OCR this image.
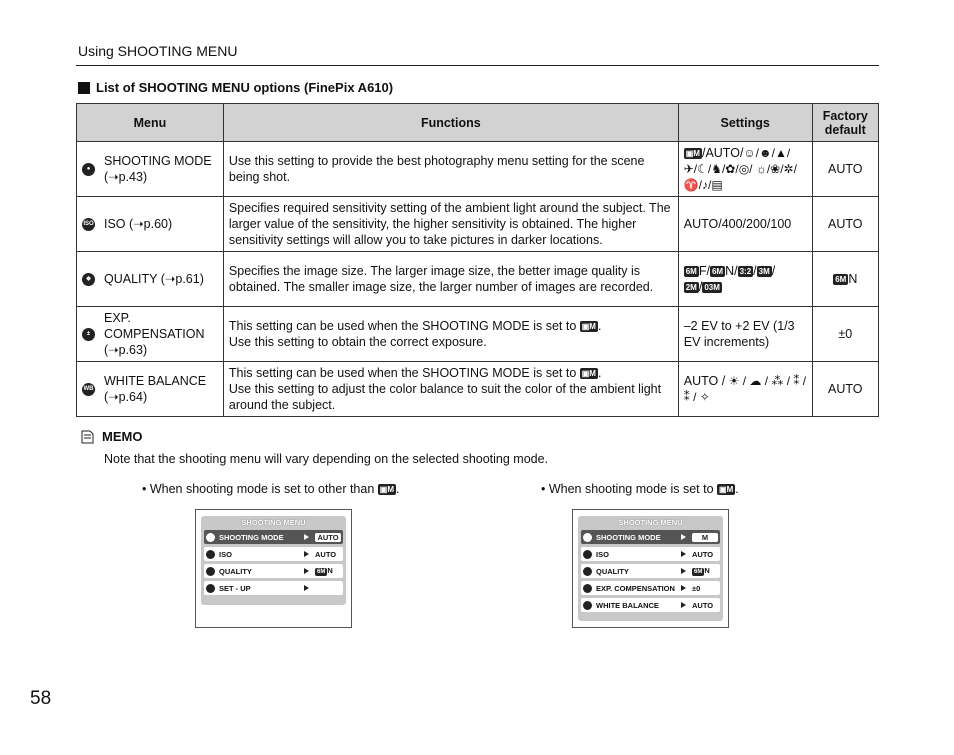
Using SHOOTING MENU
List of SHOOTING MENU options (FinePix A610)
Menu	Functions	Settings	Factory default

●
SHOOTING MODE (➝p.43)	Use this setting to provide the best photography menu setting for the scene being shot.	▣M /AUTO/☺/☻/▲/ ✈/☾/♞/✿/◎/ ☼/❀/✲/♈/♪/▤	AUTO

ISO ISO (➝p.60)	Specifies required sensitivity setting of the ambient light around the subject. The larger value of the sensitivity, the higher sensitivity is obtained. The higher sensitivity settings will allow you to take pictures in darker locations.	AUTO/400/200/100	AUTO

◆ QUALITY (➝p.61)	Specifies the image size. The larger image size, the better image quality is obtained. The smaller image size, the larger number of images are recorded.	6M F/ 6M N/ 3:2 / 3M /
2M / 03M	6M N

±
EXP. COMPENSATION (➝p.63)	This setting can be used when the SHOOTING MODE is set to ▣M .
Use this setting to obtain the correct exposure.	–2 EV to +2 EV (1/3 EV increments)	±0

WB
WHITE BALANCE (➝p.64)	This setting can be used when the SHOOTING MODE is set to ▣M .
Use this setting to adjust the color balance to suit the color of the ambient light around the subject.	AUTO / ☀ / ☁ / ⁂ / ⁑ / ⁑ / ✧	AUTO
MEMO
Note that the shooting menu will vary depending on the selected shooting mode.
• When shooting mode is set to other than ▣M .	• When shooting mode is set to ▣M .
SHOOTING MENU
SHOOTING MODE	AUTO
ISO	AUTO
QUALITY	6M N
SET - UP
SHOOTING MENU
SHOOTING MODE	M
ISO	AUTO
QUALITY	6M N
EXP. COMPENSATION	±0
WHITE BALANCE	AUTO
58
